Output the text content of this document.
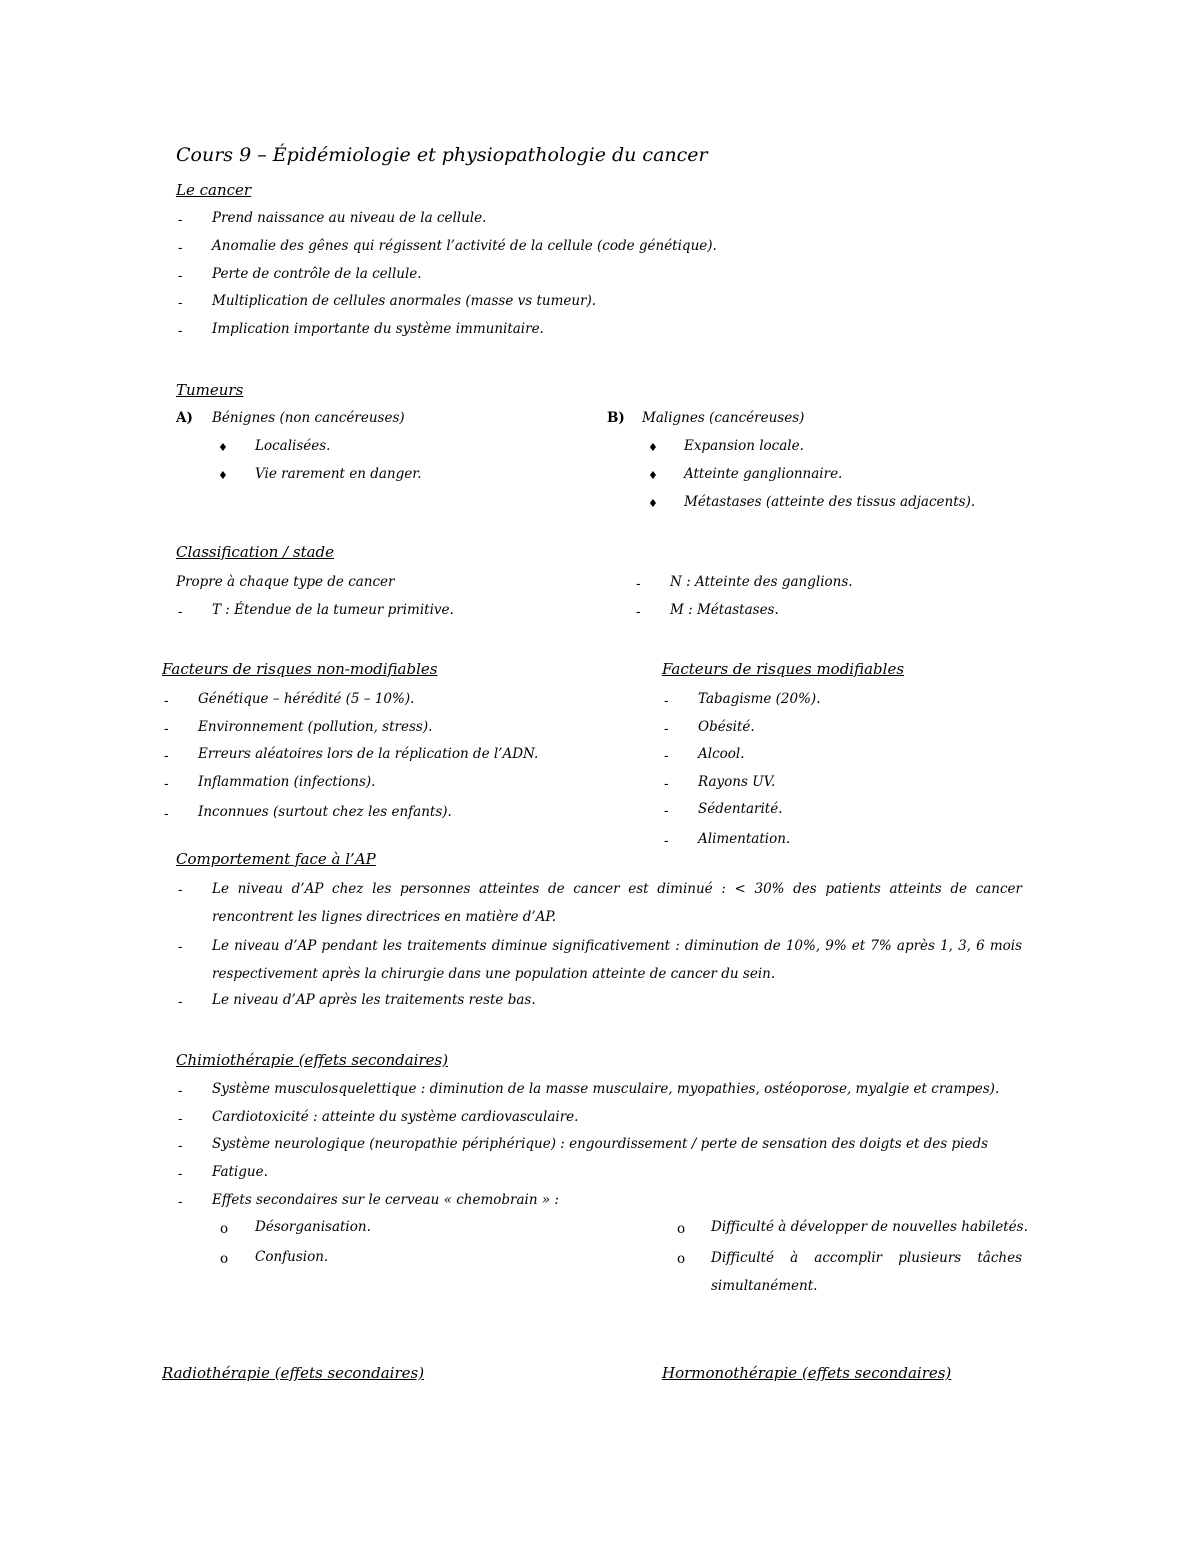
Cours 9 – Épidémiologie et physiopathologie du cancer
Le cancer
- Prend naissance au niveau de la cellule.
- Anomalie des gênes qui régissent l’activité de la cellule (code génétique).
- Perte de contrôle de la cellule.
- Multiplication de cellules anormales (masse vs tumeur).
- Implication importante du système immunitaire.
Tumeurs
A) Bénignes (non cancéreuses)
♦ Localisées.
♦ Vie rarement en danger.
B) Malignes (cancéreuses)
♦ Expansion locale.
♦ Atteinte ganglionnaire.
♦ Métastases (atteinte des tissus adjacents).
Classification / stade
Propre à chaque type de cancer
- T : Étendue de la tumeur primitive.
- N : Atteinte des ganglions.
- M : Métastases.
Facteurs de risques non-modifiables
- Génétique – hérédité (5 – 10%).
- Environnement (pollution, stress).
- Erreurs aléatoires lors de la réplication de l’ADN.
- Inflammation (infections).
- Inconnues (surtout chez les enfants).
Facteurs de risques modifiables
- Tabagisme (20%).
- Obésité.
- Alcool.
- Rayons UV.
- Sédentarité.
- Alimentation.
Comportement face à l’AP
- Le niveau d’AP chez les personnes atteintes de cancer est diminué : < 30% des patients atteints de cancer rencontrent les lignes directrices en matière d’AP.
- Le niveau d’AP pendant les traitements diminue significativement : diminution de 10%, 9% et 7% après 1, 3, 6 mois respectivement après la chirurgie dans une population atteinte de cancer du sein.
- Le niveau d’AP après les traitements reste bas.
Chimiothérapie (effets secondaires)
- Système musculosquelettique : diminution de la masse musculaire, myopathies, ostéoporose, myalgie et crampes).
- Cardiotoxicité : atteinte du système cardiovasculaire.
- Système neurologique (neuropathie périphérique) : engourdissement / perte de sensation des doigts et des pieds
- Fatigue.
- Effets secondaires sur le cerveau « chemobrain » :
o Désorganisation.
o Confusion.
o Difficulté à développer de nouvelles habiletés.
o Difficulté à accomplir plusieurs tâches simultanément.
Radiothérapie (effets secondaires)	Hormonothérapie (effets secondaires)
